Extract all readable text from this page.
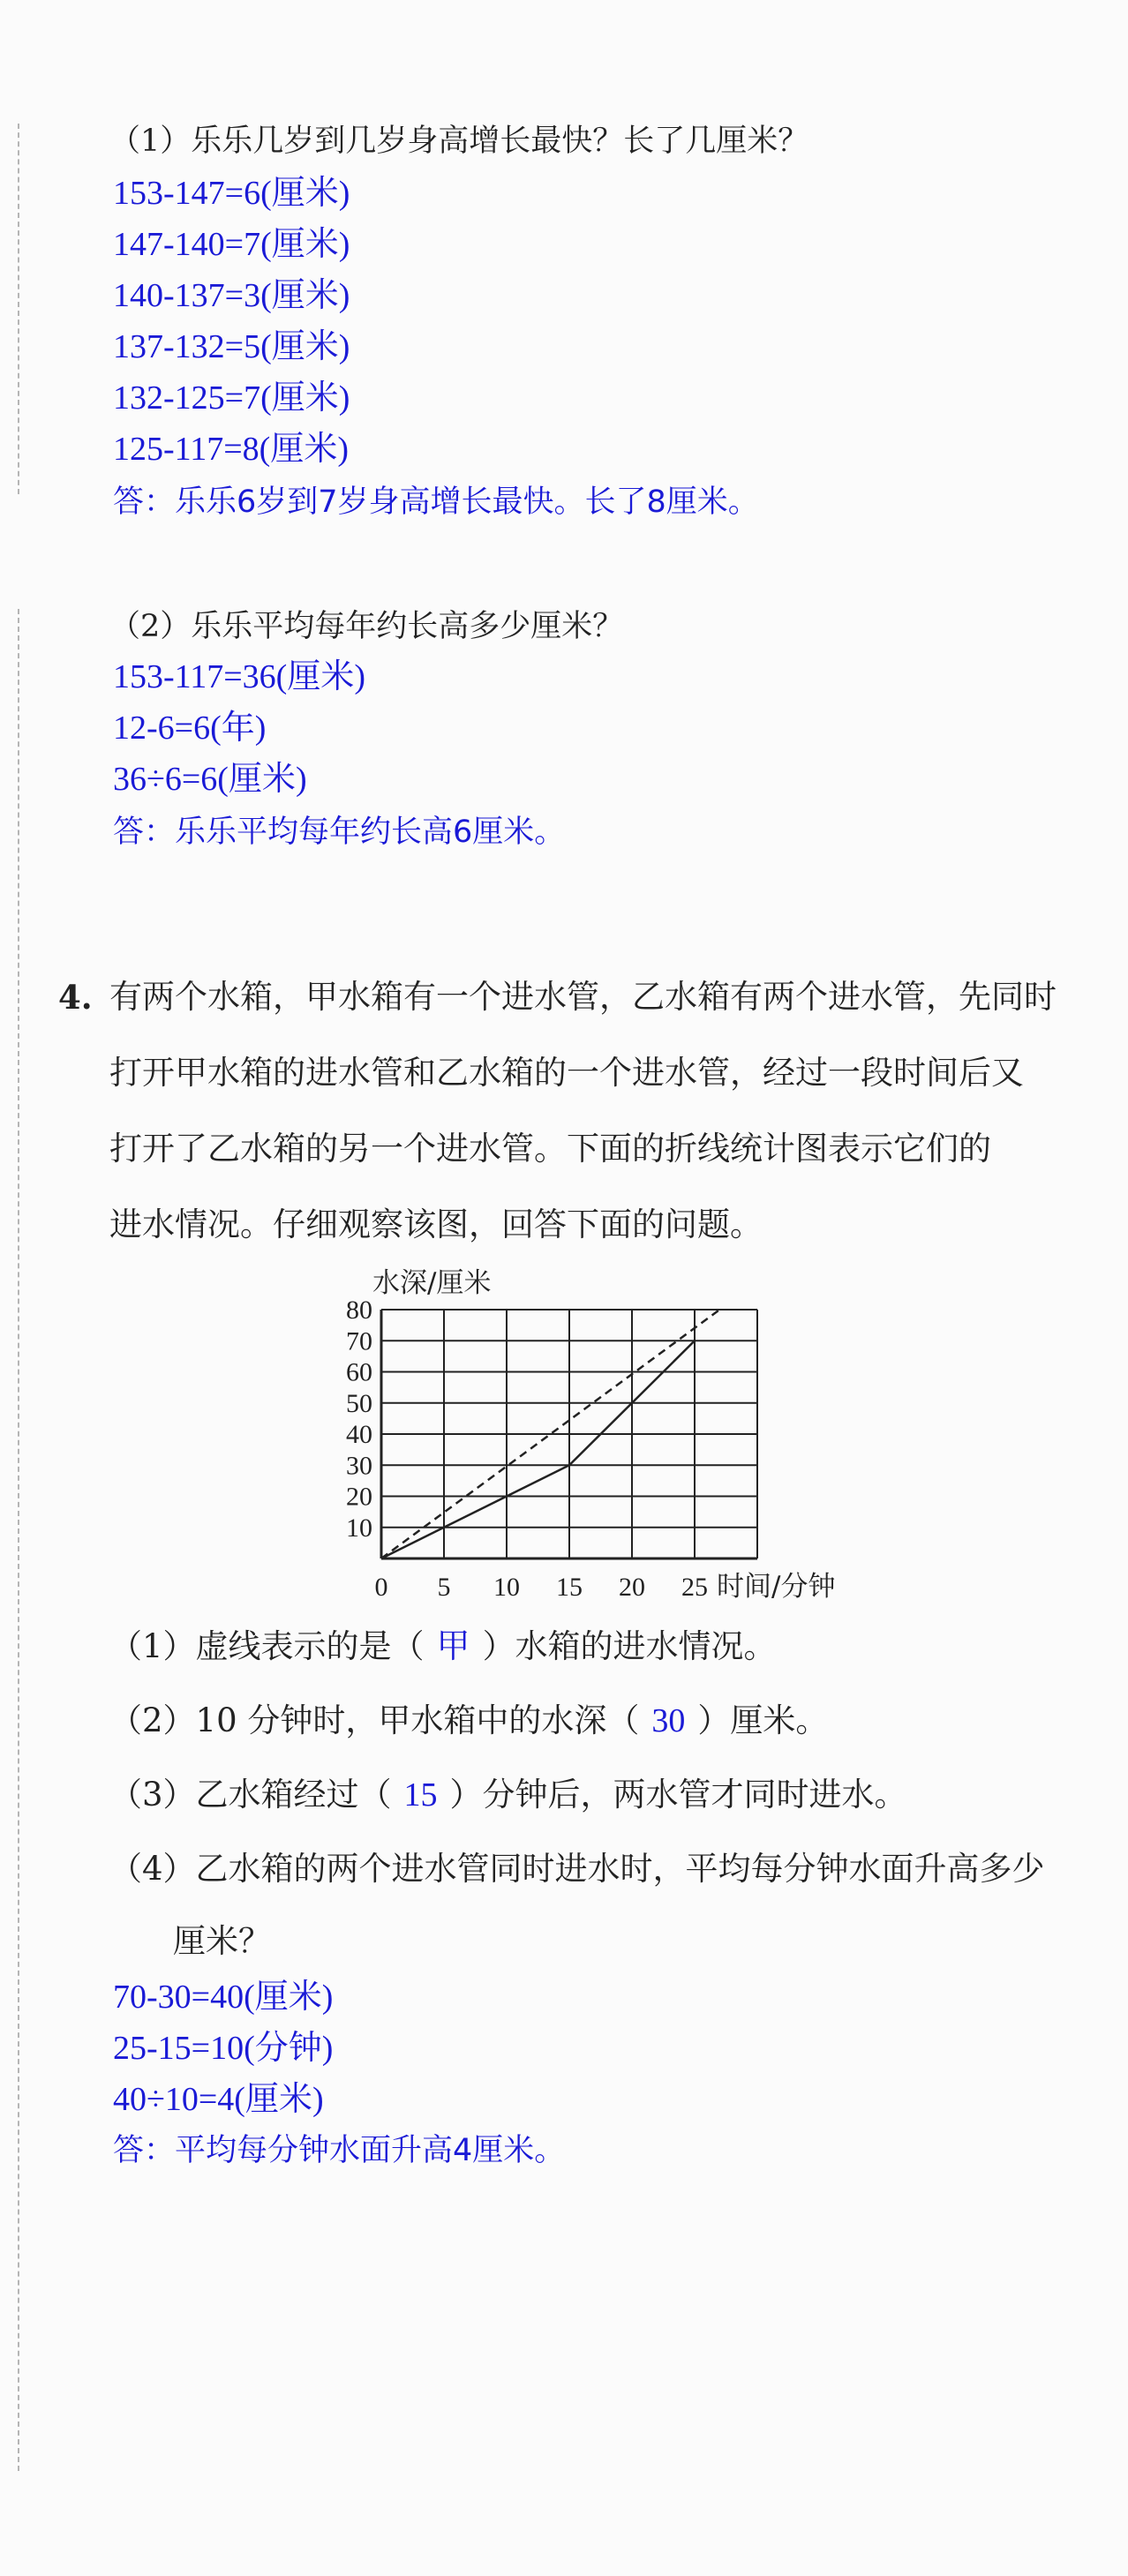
（1）乐乐几岁到几岁身高增长最快？长了几厘米？
153-147=6(厘米)
147-140=7(厘米)
140-137=3(厘米)
137-132=5(厘米)
132-125=7(厘米)
125-117=8(厘米)
答：乐乐6岁到7岁身高增长最快。长了8厘米。
（2）乐乐平均每年约长高多少厘米？
153-117=36(厘米)
12-6=6(年)
36÷6=6(厘米)
答：乐乐平均每年约长高6厘米。
4. 有两个水箱，甲水箱有一个进水管，乙水箱有两个进水管，先同时
打开甲水箱的进水管和乙水箱的一个进水管，经过一段时间后又
打开了乙水箱的另一个进水管。下面的折线统计图表示它们的
进水情况。仔细观察该图，回答下面的问题。
10
20
30
40
50
60
70
80
0 5 10 15 20 25
水深/厘米
时间/分钟
（1）虚线表示的是（ 甲 ）水箱的进水情况。
（2）10 分钟时，甲水箱中的水深（ 30 ）厘米。
（3）乙水箱经过（ 15 ）分钟后，两水管才同时进水。
（4）乙水箱的两个进水管同时进水时，平均每分钟水面升高多少
厘米？
70-30=40(厘米)
25-15=10(分钟)
40÷10=4(厘米)
答：平均每分钟水面升高4厘米。
